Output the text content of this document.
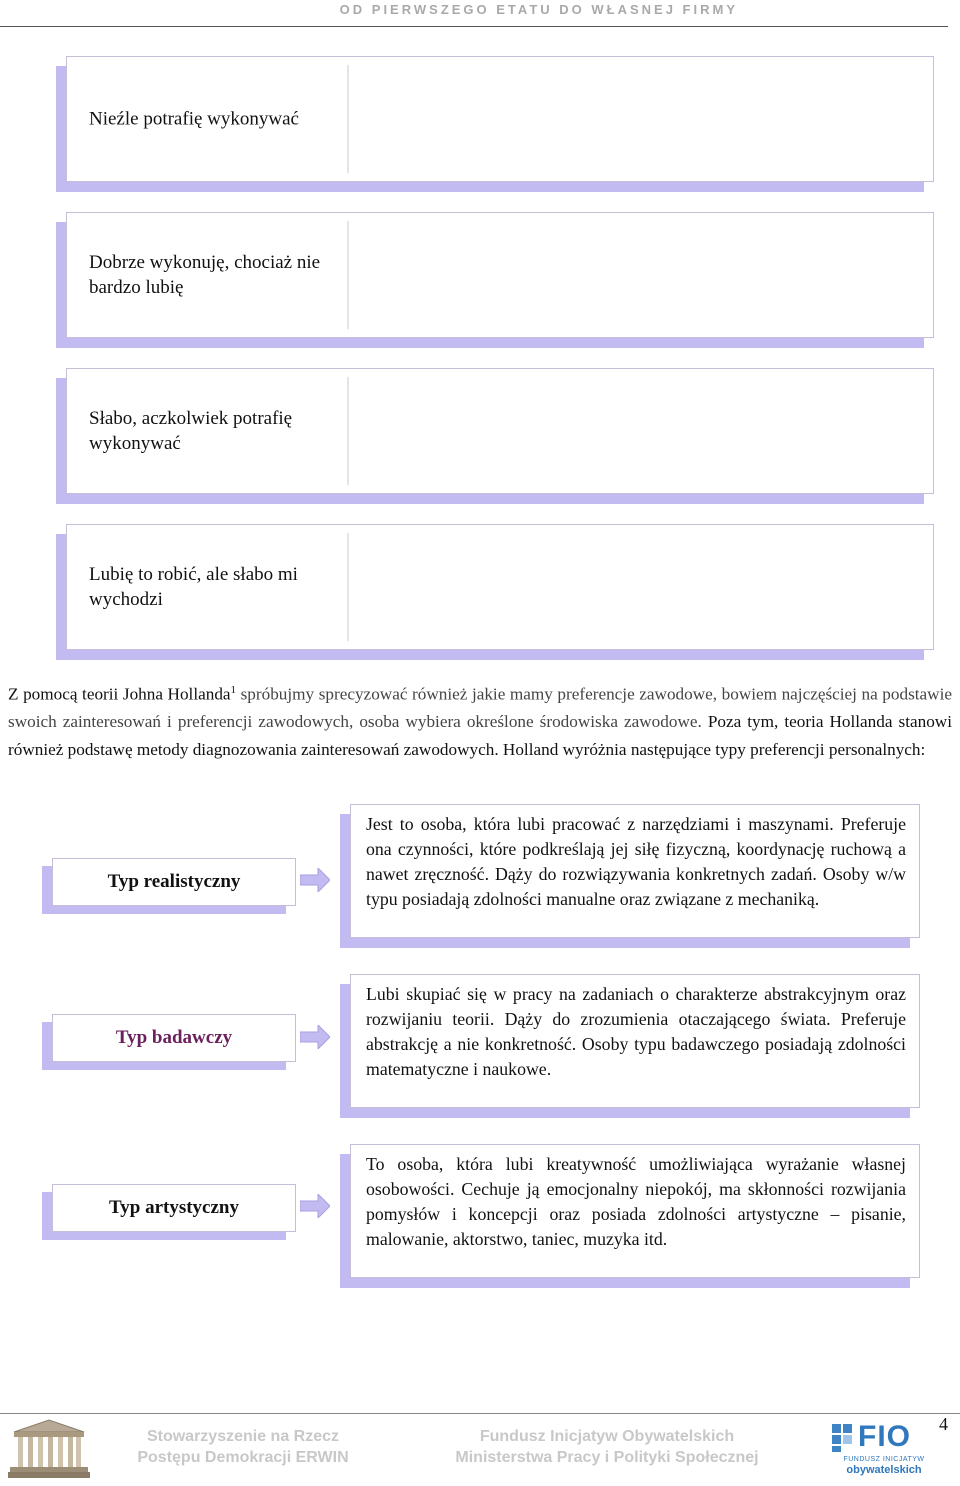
OD PIERWSZEGO ETATU DO WŁASNEJ FIRMY
Nieźle potrafię wykonywać
Dobrze wykonuję, chociaż nie bardzo lubię
Słabo, aczkolwiek potrafię wykonywać
Lubię to robić, ale słabo mi wychodzi
Z pomocą teorii Johna Hollanda$^1$ spróbujmy sprecyzować również jakie mamy preferencje zawodowe, bowiem najczęściej na podstawie swoich zainteresowań i preferencji zawodowych, osoba wybiera określone środowiska zawodowe. Poza tym, teoria Hollanda stanowi również podstawę metody diagnozowania zainteresowań zawodowych. Holland wyróżnia następujące typy preferencji personalnych:
Typ realistyczny
Jest to osoba, która lubi pracować z narzędziami i maszynami. Preferuje ona czynności, które podkreślają jej siłę fizyczną, koordynację ruchową a nawet zręczność. Dąży do rozwiązywania konkretnych zadań. Osoby w/w typu posiadają zdolności manualne oraz związane z mechaniką.
Typ badawczy
Lubi skupiać się w pracy na zadaniach o charakterze abstrakcyjnym oraz rozwijaniu teorii. Dąży do zrozumienia otaczającego świata. Preferuje abstrakcję a nie konkretność. Osoby typu badawczego posiadają zdolności matematyczne i naukowe.
Typ artystyczny
To osoba, która lubi kreatywność umożliwiająca wyrażanie własnej osobowości. Cechuje ją emocjonalny niepokój, ma skłonności rozwijania pomysłów i koncepcji oraz posiada zdolności artystyczne – pisanie, malowanie, aktorstwo, taniec, muzyka itd.
Stowarzyszenie na Rzecz
Postępu Demokracji ERWIN
Fundusz Inicjatyw Obywatelskich
Ministerstwa Pracy i Polityki Społecznej
FIO
FUNDUSZ INICJATYW
obywatelskich
4
